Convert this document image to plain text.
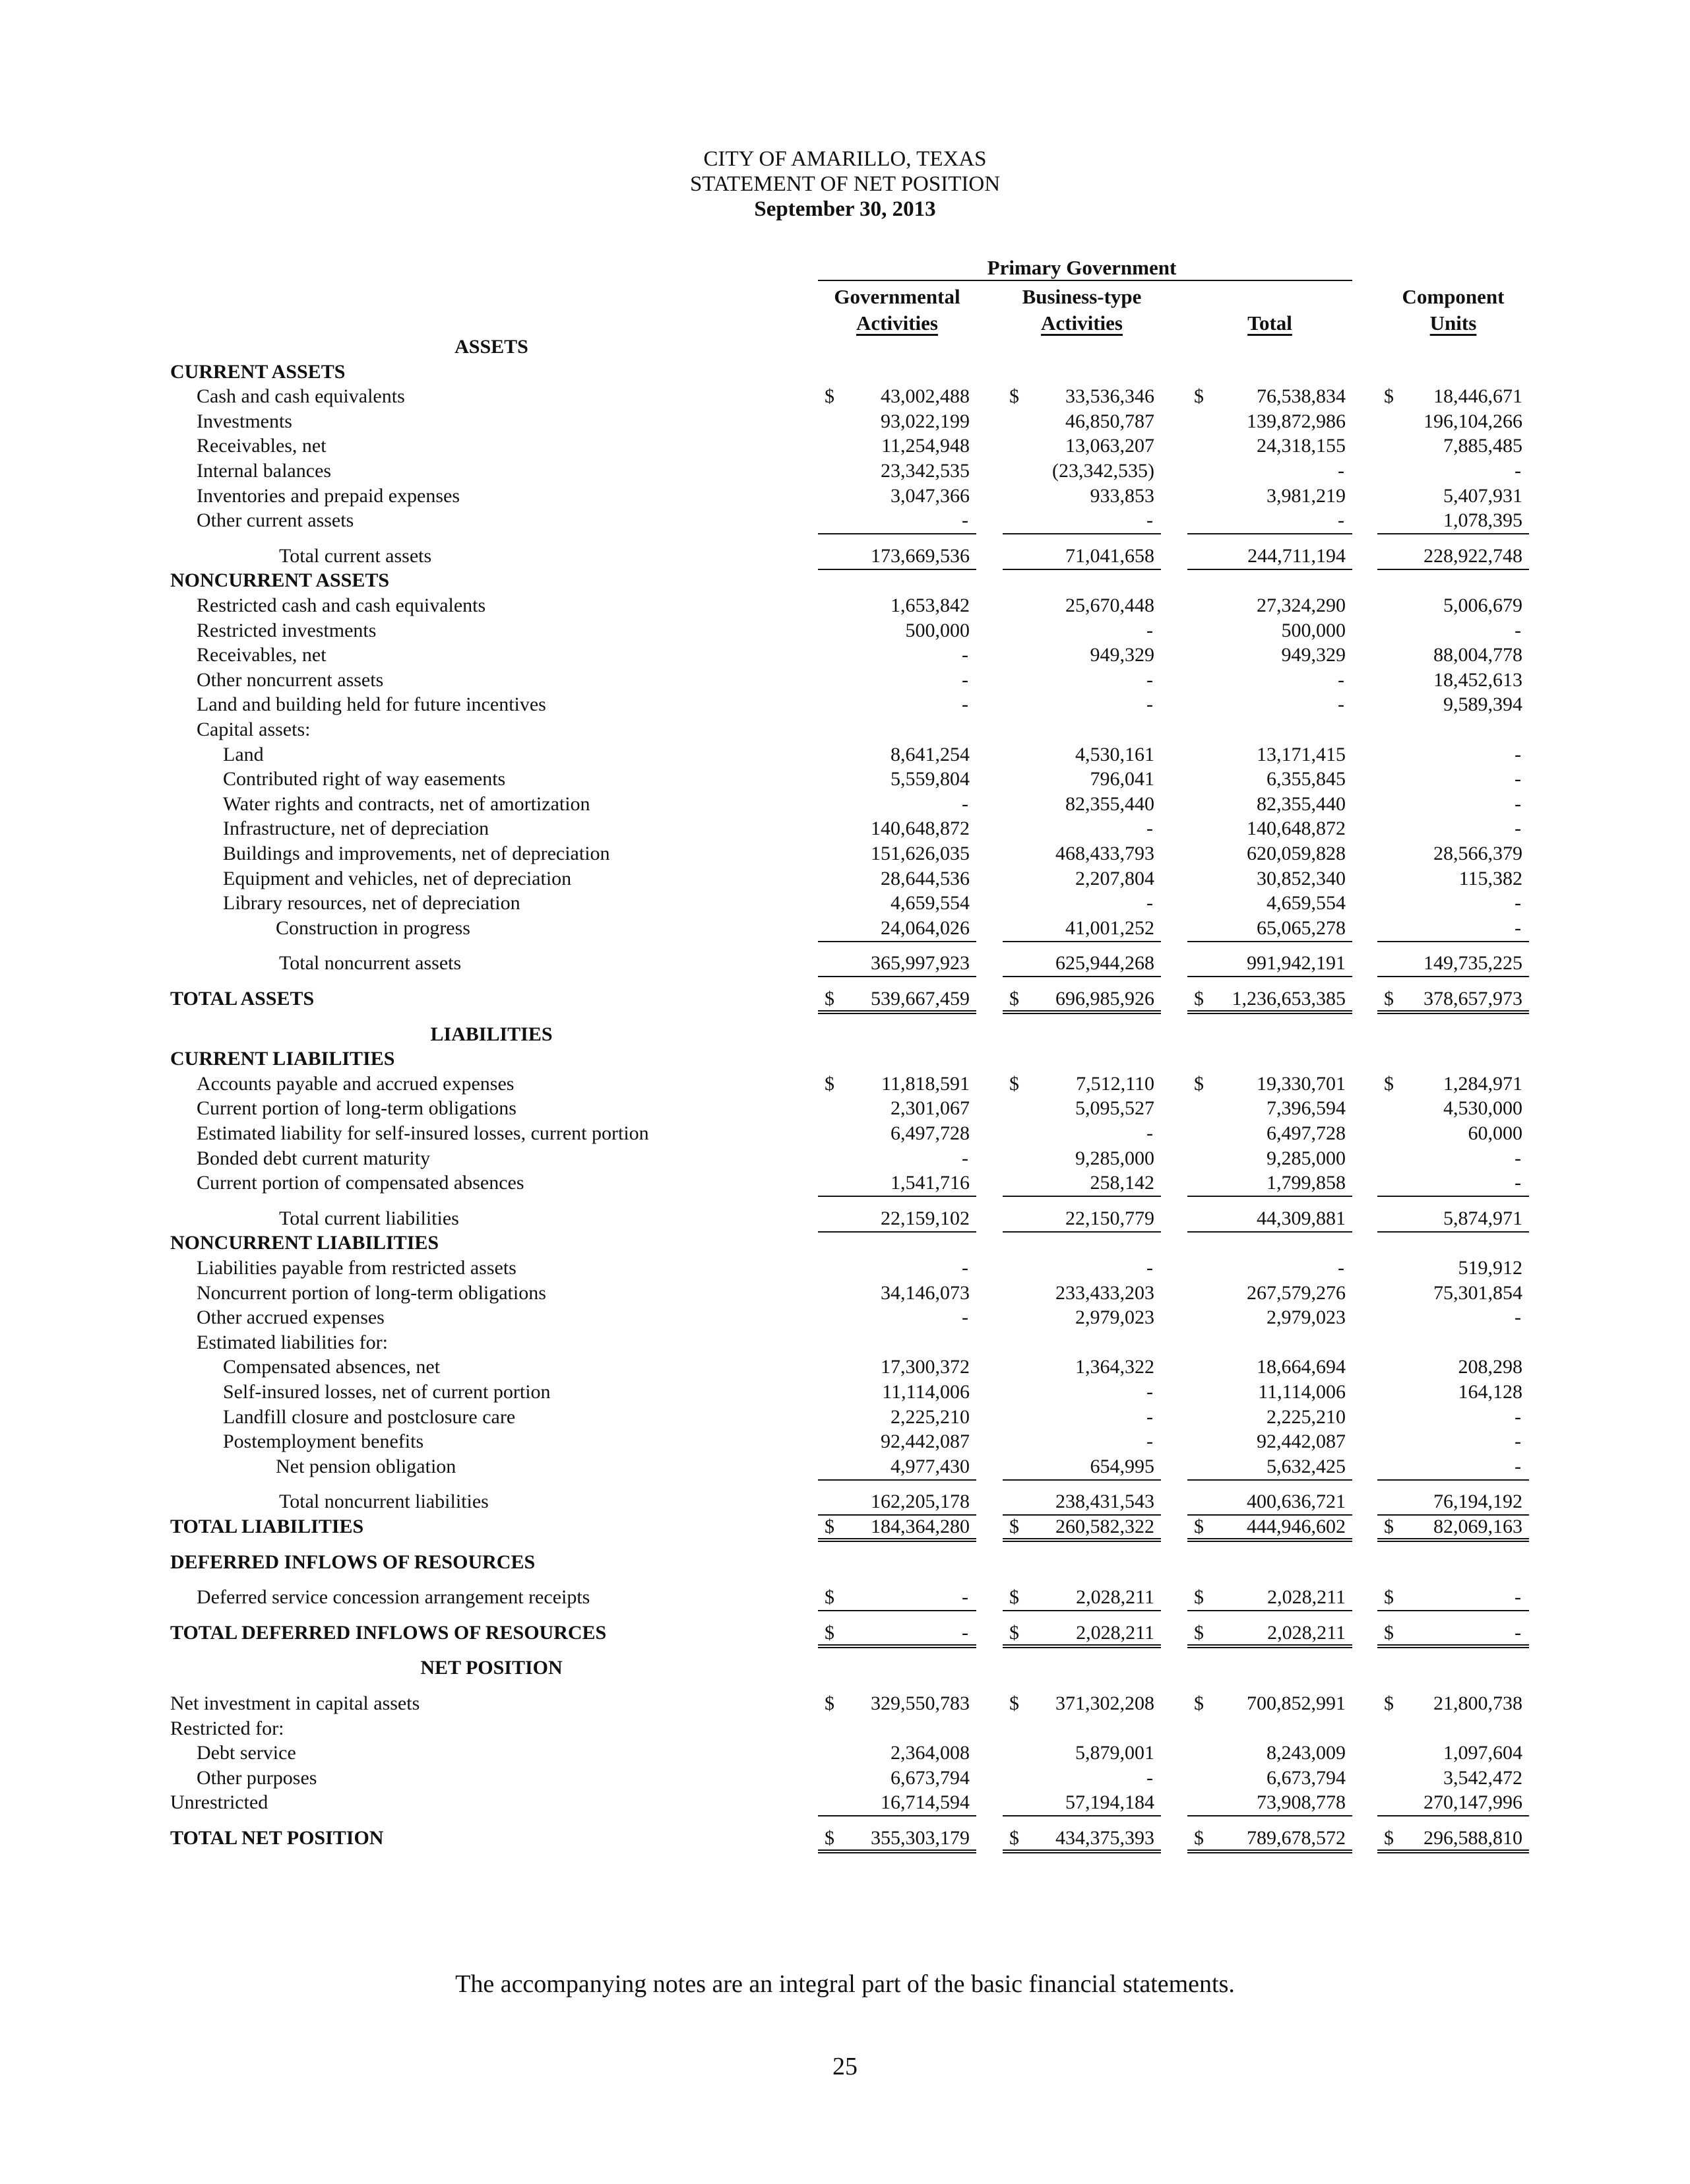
CITY OF AMARILLO, TEXAS
STATEMENT OF NET POSITION
September 30, 2013
Primary Government
Governmental
Activities
Business-type
Activities	Total
Component
Units
ASSETS
CURRENT ASSETS
Cash and cash equivalents	$ 43,002,488 $ 33,536,346 $	76,538,834 $ 18,446,671
Investments	93,022,199	46,850,787	139,872,986	196,104,266
Receivables, net	11,254,948	13,063,207	24,318,155	7,885,485
Internal balances	23,342,535	(23,342,535)	-	-
Inventories and prepaid expenses	3,047,366	933,853	3,981,219	5,407,931
Other current assets	-	-	-	1,078,395
Total current assets	173,669,536	71,041,658	244,711,194	228,922,748
NONCURRENT ASSETS
Restricted cash and cash equivalents	1,653,842	25,670,448	27,324,290	5,006,679
Restricted investments	500,000	-	500,000	-
Receivables, net	-	949,329	949,329	88,004,778
Other noncurrent assets	-	-	-	18,452,613
Land and building held for future incentives	-	-	-	9,589,394
Capital assets:
Land	8,641,254	4,530,161	13,171,415	-
Contributed right of way easements	5,559,804	796,041	6,355,845	-
Water rights and contracts, net of amortization	-	82,355,440	82,355,440	-
Infrastructure, net of depreciation	140,648,872	-	140,648,872	-
Buildings and improvements, net of depreciation	151,626,035	468,433,793	620,059,828	28,566,379
Equipment and vehicles, net of depreciation	28,644,536	2,207,804	30,852,340	115,382
Library resources, net of depreciation	4,659,554	-	4,659,554	-
Construction in progress	24,064,026	41,001,252	65,065,278	-
Total noncurrent assets	365,997,923	625,944,268	991,942,191	149,735,225
TOTAL ASSETS	$ 539,667,459 $ 696,985,926 $ 1,236,653,385 $ 378,657,973
LIABILITIES
CURRENT LIABILITIES
Accounts payable and accrued expenses	$ 11,818,591 $	7,512,110 $	19,330,701 $	1,284,971
Current portion of long-term obligations	2,301,067	5,095,527	7,396,594	4,530,000
Estimated liability for self-insured losses, current portion	6,497,728	-	6,497,728	60,000
Bonded debt current maturity	-	9,285,000	9,285,000	-
Current portion of compensated absences	1,541,716	258,142	1,799,858	-
Total current liabilities	22,159,102	22,150,779	44,309,881	5,874,971
NONCURRENT LIABILITIES
Liabilities payable from restricted assets	-	-	-	519,912
Noncurrent portion of long-term obligations	34,146,073	233,433,203	267,579,276	75,301,854
Other accrued expenses	-	2,979,023	2,979,023	-
Estimated liabilities for:
Compensated absences, net	17,300,372	1,364,322	18,664,694	208,298
Self-insured losses, net of current portion	11,114,006	-	11,114,006	164,128
Landfill closure and postclosure care	2,225,210	-	2,225,210	-
Postemployment benefits	92,442,087	-	92,442,087	-
Net pension obligation	4,977,430	654,995	5,632,425	-
Total noncurrent liabilities	162,205,178	238,431,543	400,636,721	76,194,192
TOTAL LIABILITIES	$ 184,364,280 $ 260,582,322 $ 444,946,602 $ 82,069,163
DEFERRED INFLOWS OF RESOURCES
Deferred service concession arrangement receipts	$	- $	2,028,211 $	2,028,211 $	-
TOTAL DEFERRED INFLOWS OF RESOURCES	$	- $	2,028,211 $	2,028,211 $	-
NET POSITION
Net investment in capital assets	$ 329,550,783 $ 371,302,208 $ 700,852,991 $ 21,800,738
Restricted for:
Debt service	2,364,008	5,879,001	8,243,009	1,097,604
Other purposes	6,673,794	-	6,673,794	3,542,472
Unrestricted	16,714,594	57,194,184	73,908,778	270,147,996
TOTAL NET POSITION	$ 355,303,179 $ 434,375,393 $ 789,678,572 $ 296,588,810
The accompanying notes are an integral part of the basic financial statements.
25
